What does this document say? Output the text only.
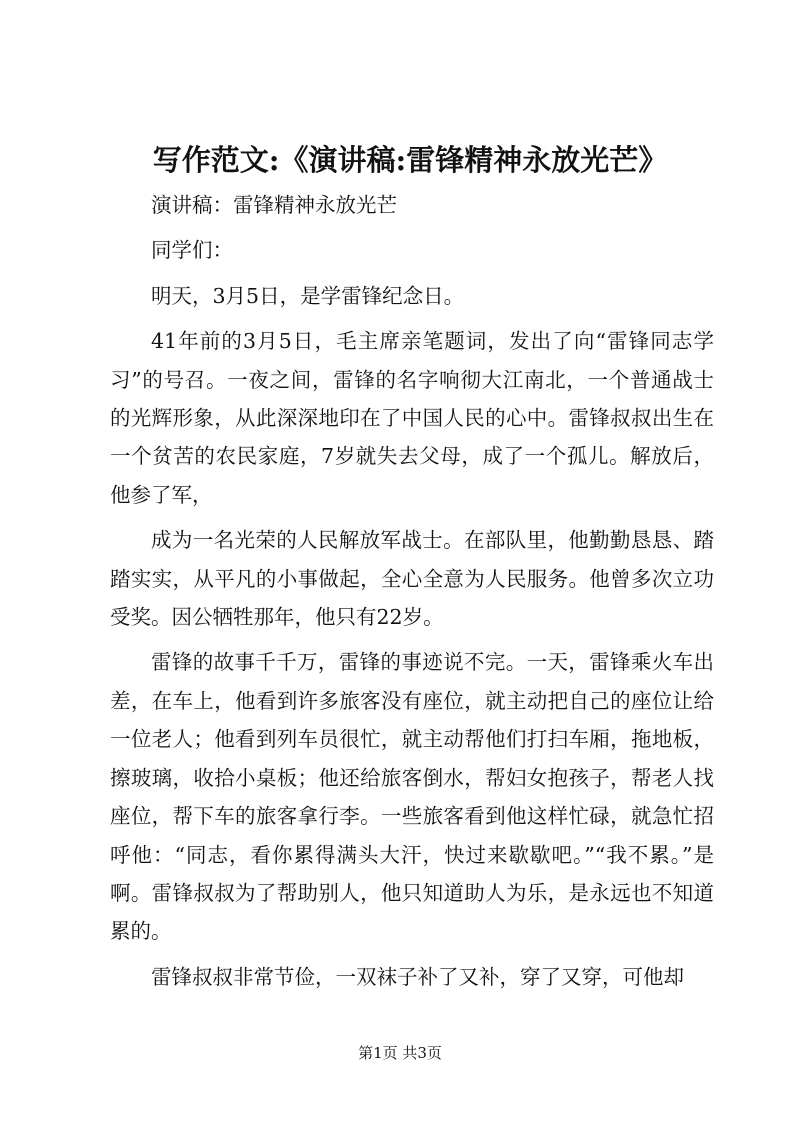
写作范文:《演讲稿:雷锋精神永放光芒》

演讲稿：雷锋精神永放光芒

同学们：

明天，3月5日，是学雷锋纪念日。

41年前的3月5日，毛主席亲笔题词，发出了向“雷锋同志学习”的号召。一夜之间，雷锋的名字响彻大江南北，一个普通战士的光辉形象，从此深深地印在了中国人民的心中。雷锋叔叔出生在一个贫苦的农民家庭，7岁就失去父母，成了一个孤儿。解放后，他参了军，

成为一名光荣的人民解放军战士。在部队里，他勤勤恳恳、踏踏实实，从平凡的小事做起，全心全意为人民服务。他曾多次立功受奖。因公牺牲那年，他只有22岁。

雷锋的故事千千万，雷锋的事迹说不完。一天，雷锋乘火车出差，在车上，他看到许多旅客没有座位，就主动把自己的座位让给一位老人；他看到列车员很忙，就主动帮他们打扫车厢，拖地板，擦玻璃，收拾小桌板；他还给旅客倒水，帮妇女抱孩子，帮老人找座位，帮下车的旅客拿行李。一些旅客看到他这样忙碌，就急忙招呼他：“同志，看你累得满头大汗，快过来歇歇吧。”“我不累。”是啊。雷锋叔叔为了帮助别人，他只知道助人为乐，是永远也不知道累的。

雷锋叔叔非常节俭，一双袜子补了又补，穿了又穿，可他却

第1页 共3页
